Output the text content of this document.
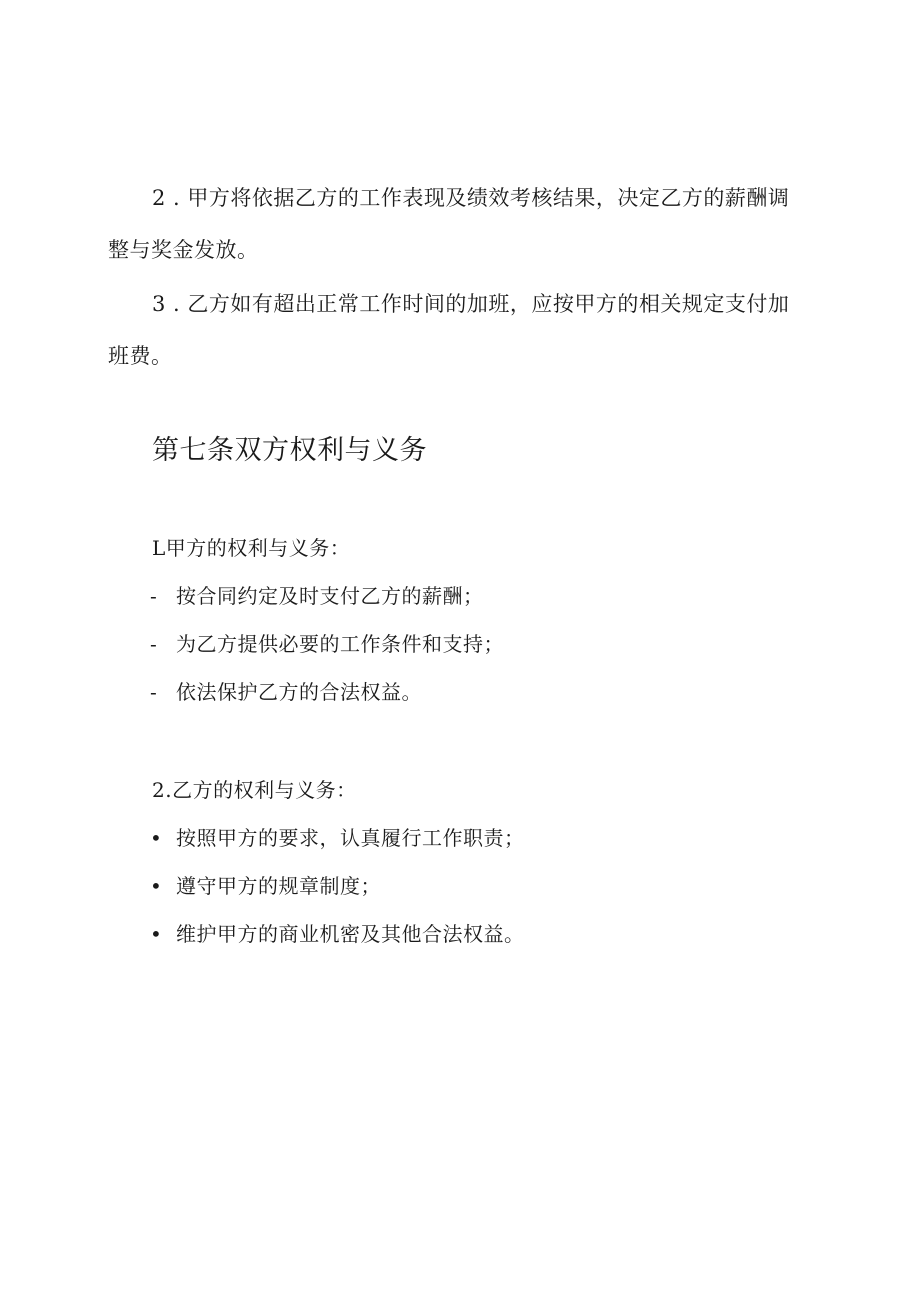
2 . 甲方将依据乙方的工作表现及绩效考核结果，决定乙方的薪酬调整与奖金发放。

3 . 乙方如有超出正常工作时间的加班，应按甲方的相关规定支付加班费。

第七条双方权利与义务
L甲方的权利与义务：
- 按合同约定及时支付乙方的薪酬；
- 为乙方提供必要的工作条件和支持；
- 依法保护乙方的合法权益。
2.乙方的权利与义务：
• 按照甲方的要求，认真履行工作职责；
• 遵守甲方的规章制度；
• 维护甲方的商业机密及其他合法权益。
